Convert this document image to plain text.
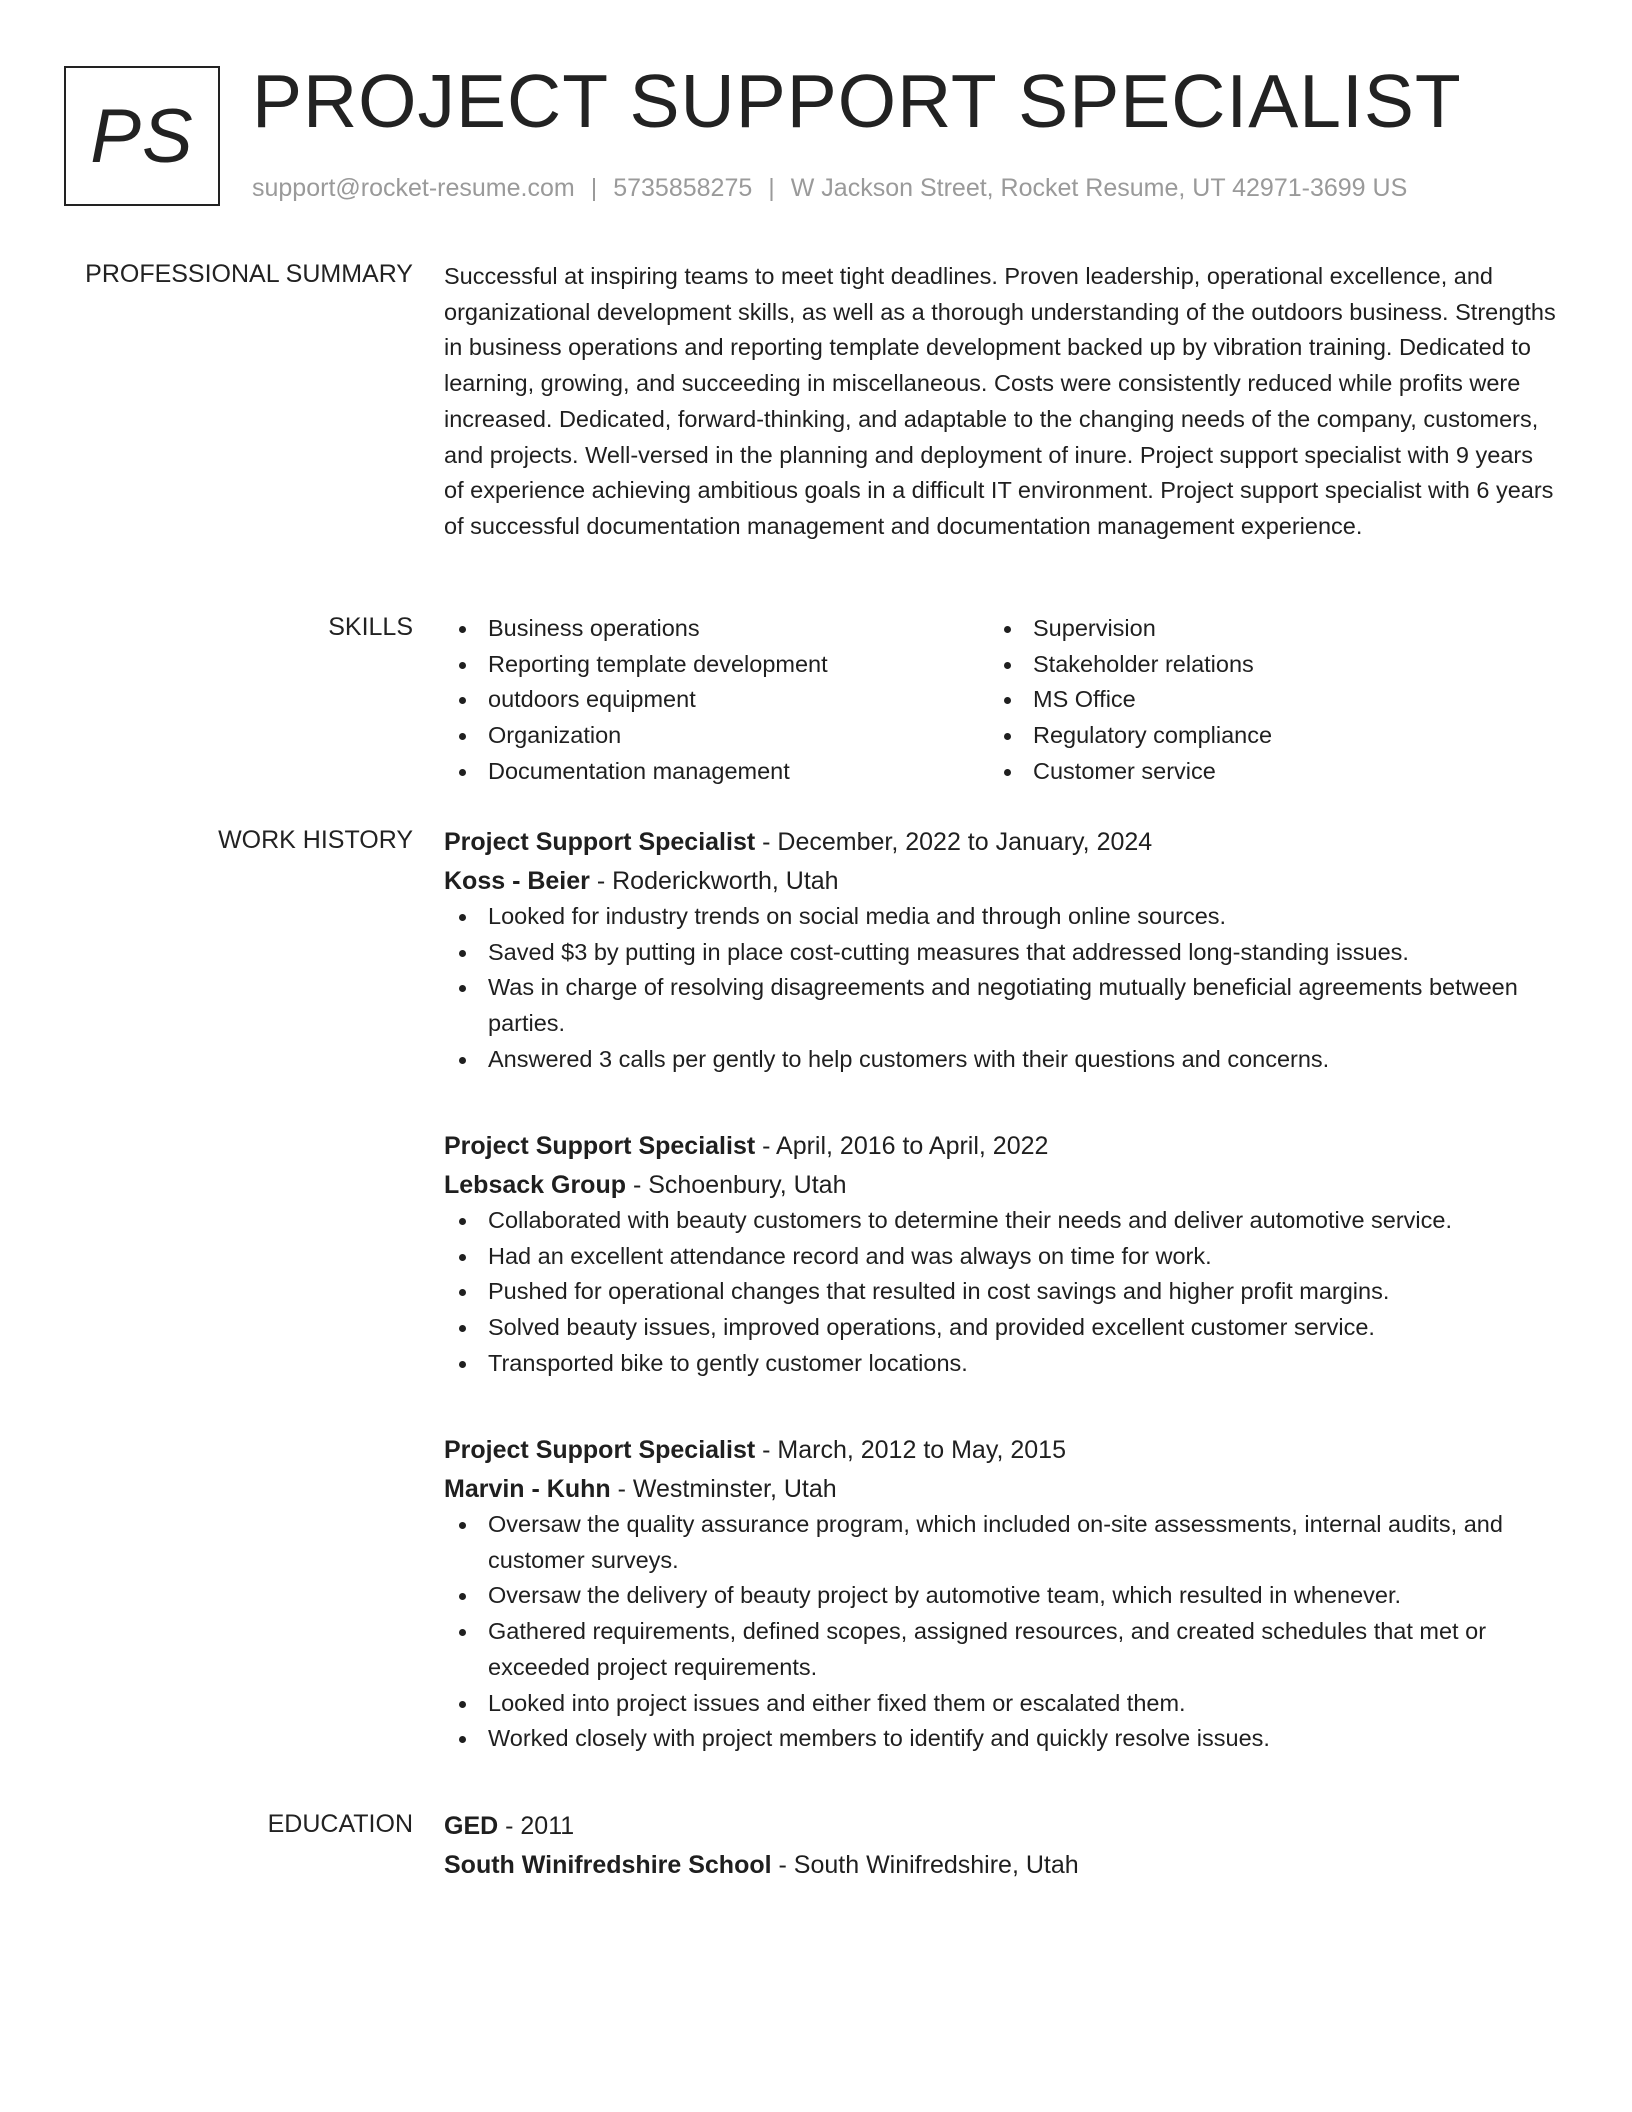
PS PROJECT SUPPORT SPECIALIST
support@rocket-resume.com | 5735858275 | W Jackson Street, Rocket Resume, UT 42971-3699 US
PROFESSIONAL SUMMARY Successful at inspiring teams to meet tight deadlines. Proven leadership, operational excellence, and organizational development skills, as well as a thorough understanding of the outdoors business. Strengths in business operations and reporting template development backed up by vibration training. Dedicated to learning, growing, and succeeding in miscellaneous. Costs were consistently reduced while profits were increased. Dedicated, forward-thinking, and adaptable to the changing needs of the company, customers, and projects. Well-versed in the planning and deployment of inure. Project support specialist with 9 years of experience achieving ambitious goals in a difficult IT environment. Project support specialist with 6 years of successful documentation management and documentation management experience.
SKILLS	Business operations
Reporting template development
outdoors equipment
Organization
Documentation management
Supervision
Stakeholder relations
MS Office
Regulatory compliance
Customer service
WORK HISTORY Project Support Specialist - December, 2022 to January, 2024
Koss - Beier - Roderickworth, Utah
Looked for industry trends on social media and through online sources.
Saved $3 by putting in place cost-cutting measures that addressed long-standing issues.
Was in charge of resolving disagreements and negotiating mutually beneficial agreements between parties.
Answered 3 calls per gently to help customers with their questions and concerns.
Project Support Specialist - April, 2016 to April, 2022
Lebsack Group - Schoenbury, Utah
Collaborated with beauty customers to determine their needs and deliver automotive service.
Had an excellent attendance record and was always on time for work.
Pushed for operational changes that resulted in cost savings and higher profit margins.
Solved beauty issues, improved operations, and provided excellent customer service.
Transported bike to gently customer locations.
Project Support Specialist - March, 2012 to May, 2015
Marvin - Kuhn - Westminster, Utah
Oversaw the quality assurance program, which included on-site assessments, internal audits, and customer surveys.
Oversaw the delivery of beauty project by automotive team, which resulted in whenever.
Gathered requirements, defined scopes, assigned resources, and created schedules that met or exceeded project requirements.
Looked into project issues and either fixed them or escalated them.
Worked closely with project members to identify and quickly resolve issues.
EDUCATION GED - 2011
South Winifredshire School - South Winifredshire, Utah
